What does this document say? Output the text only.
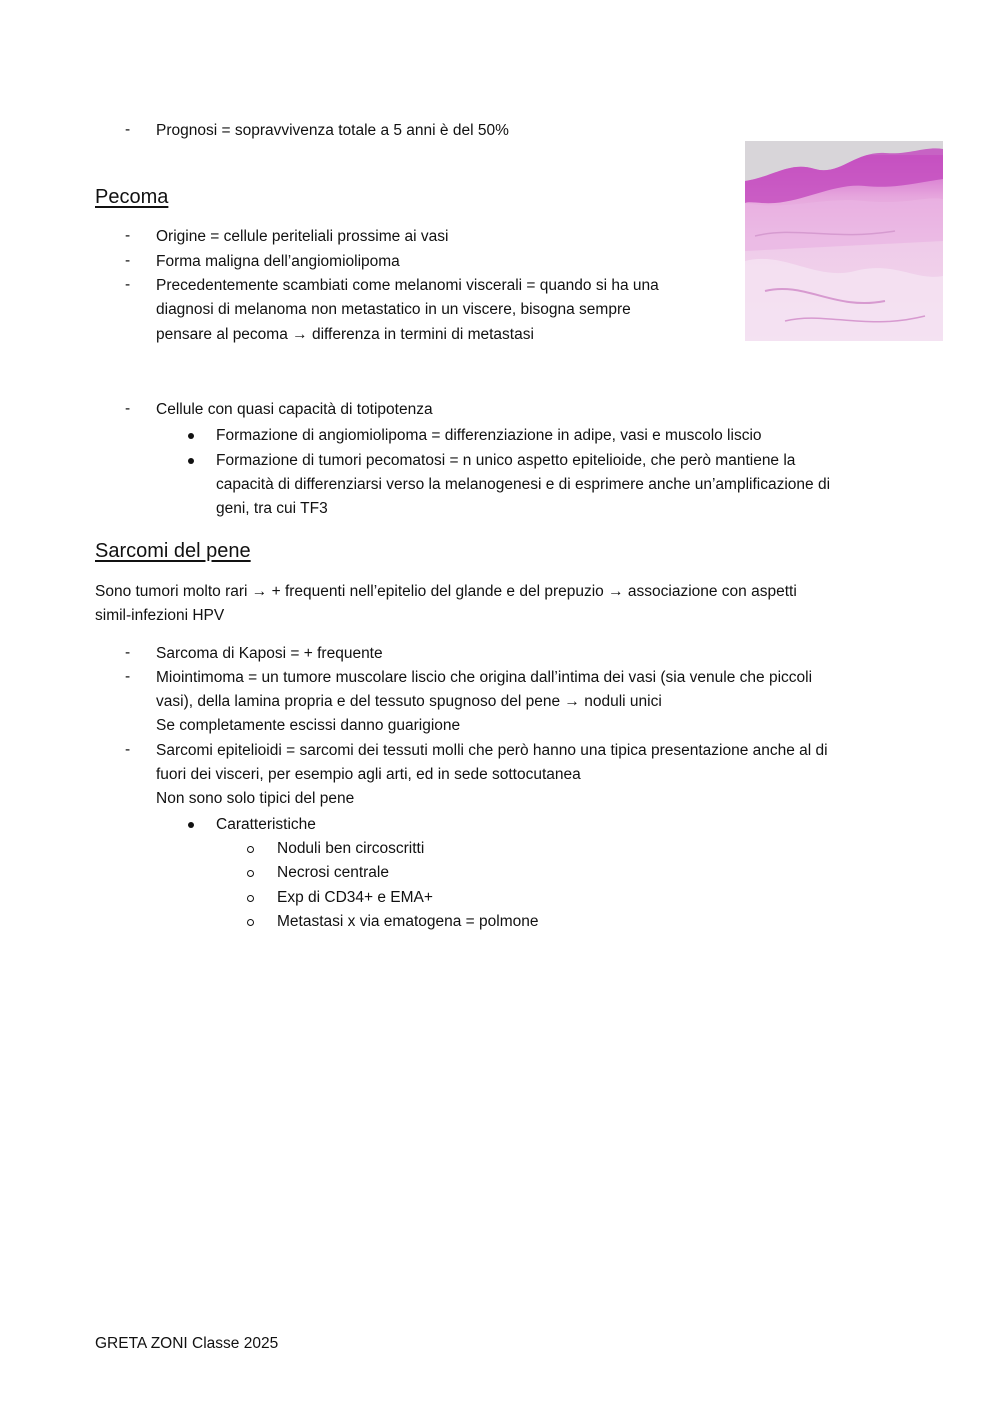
- Prognosi = sopravvivenza totale a 5 anni è del 50%
Pecoma
- Origine = cellule periteliali prossime ai vasi
- Forma maligna dell’angiomiolipoma
- Precedentemente scambiati come melanomi viscerali = quando si ha una
diagnosi di melanoma non metastatico in un viscere, bisogna sempre
pensare al pecoma → differenza in termini di metastasi
- Cellule con quasi capacità di totipotenza
Formazione di angiomiolipoma = differenziazione in adipe, vasi e muscolo liscio
Formazione di tumori pecomatosi = n unico aspetto epitelioide, che però mantiene la
capacità di differenziarsi verso la melanogenesi e di esprimere anche un’amplificazione di
geni, tra cui TF3
Sarcomi del pene
Sono tumori molto rari → + frequenti nell’epitelio del glande e del prepuzio → associazione con aspetti
simil-infezioni HPV
- Sarcoma di Kaposi = + frequente
- Miointimoma = un tumore muscolare liscio che origina dall’intima dei vasi (sia venule che piccoli
vasi), della lamina propria e del tessuto spugnoso del pene → noduli unici
Se completamente escissi danno guarigione
- Sarcomi epitelioidi = sarcomi dei tessuti molli che però hanno una tipica presentazione anche al di
fuori dei visceri, per esempio agli arti, ed in sede sottocutanea
Non sono solo tipici del pene
Caratteristiche
Noduli ben circoscritti
Necrosi centrale
Exp di CD34+ e EMA+
Metastasi x via ematogena = polmone
GRETA ZONI Classe 2025
